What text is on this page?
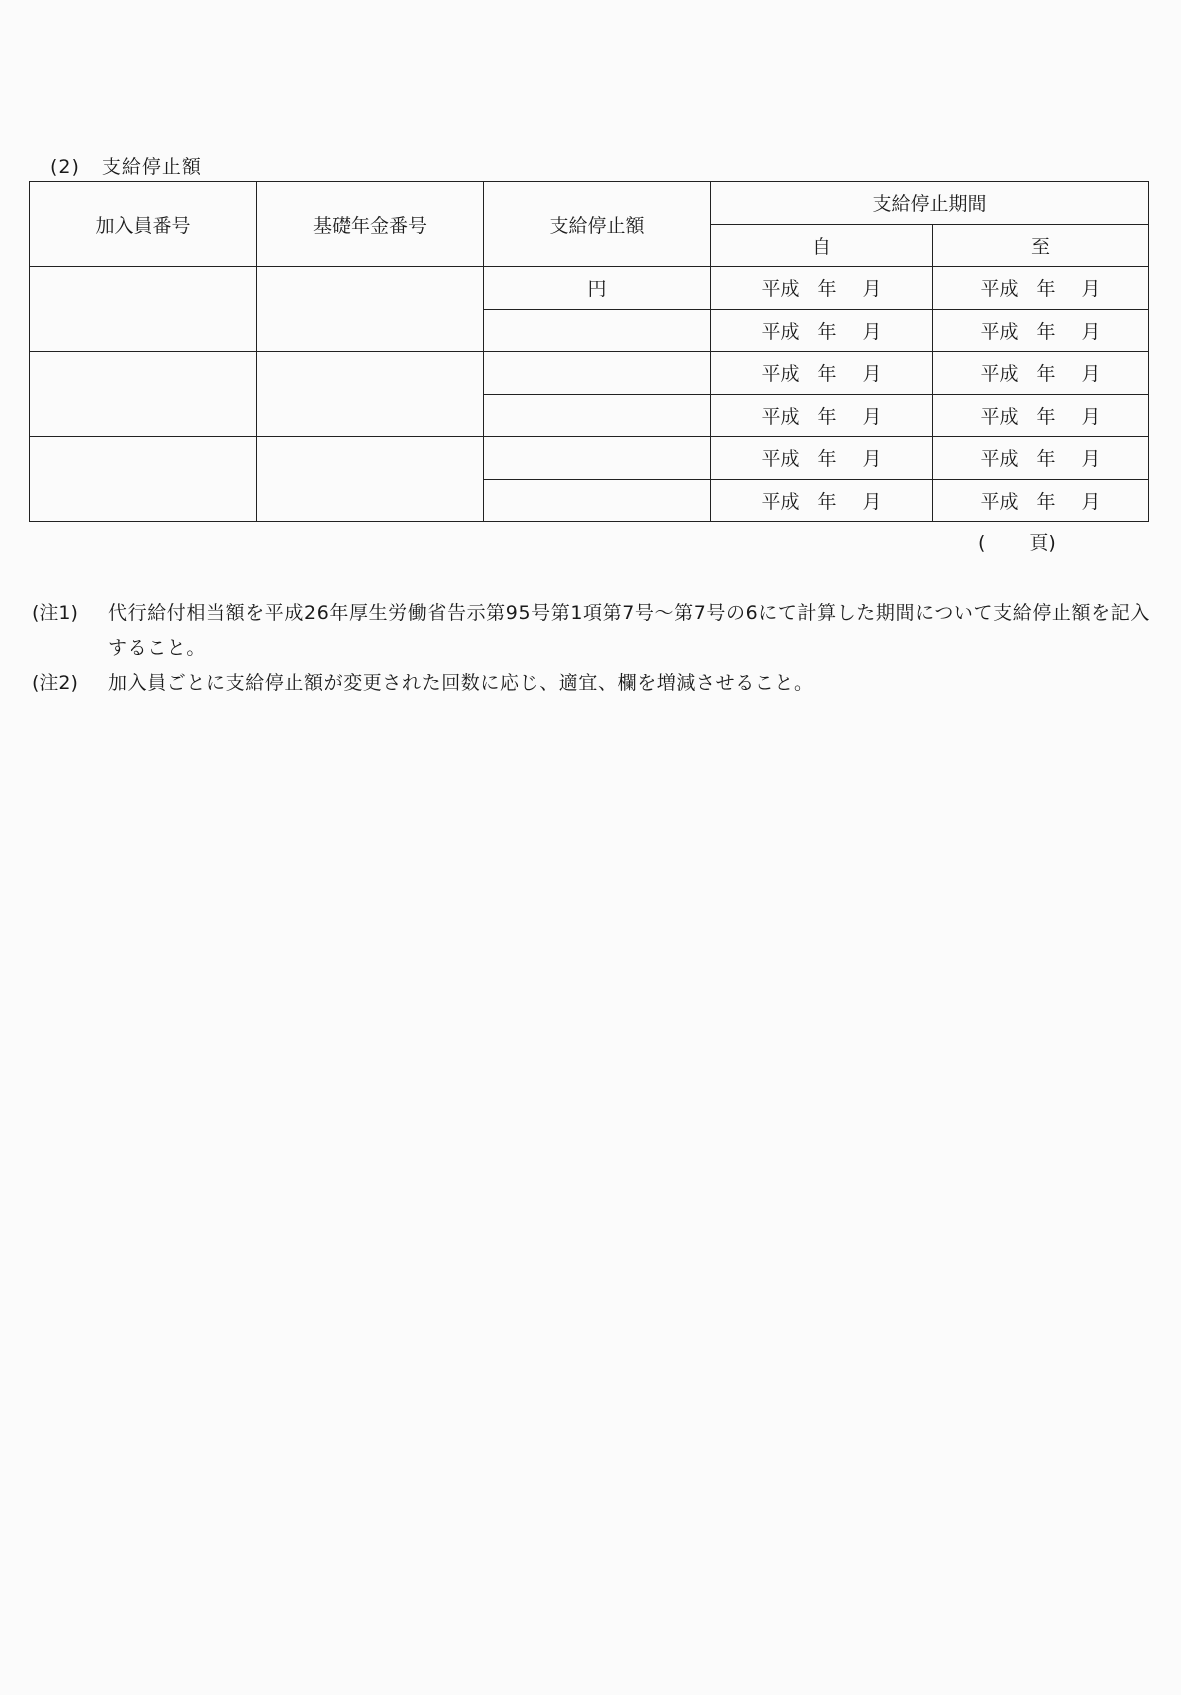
(2) 支給停止額
加入員番号	基礎年金番号	支給停止額	支給停止期間	
			自	至
		円	平成 年 月	平成 年 月
			平成 年 月	平成 年 月
			平成 年 月	平成 年 月
			平成 年 月	平成 年 月
			平成 年 月	平成 年 月
			平成 年 月	平成 年 月
( 頁)
(注1)	代行給付相当額を平成26年厚生労働省告示第95号第1項第7号～第7号の6にて計算した期間について支給停止額を記入すること。
(注2)	加入員ごとに支給停止額が変更された回数に応じ、適宜、欄を増減させること。
